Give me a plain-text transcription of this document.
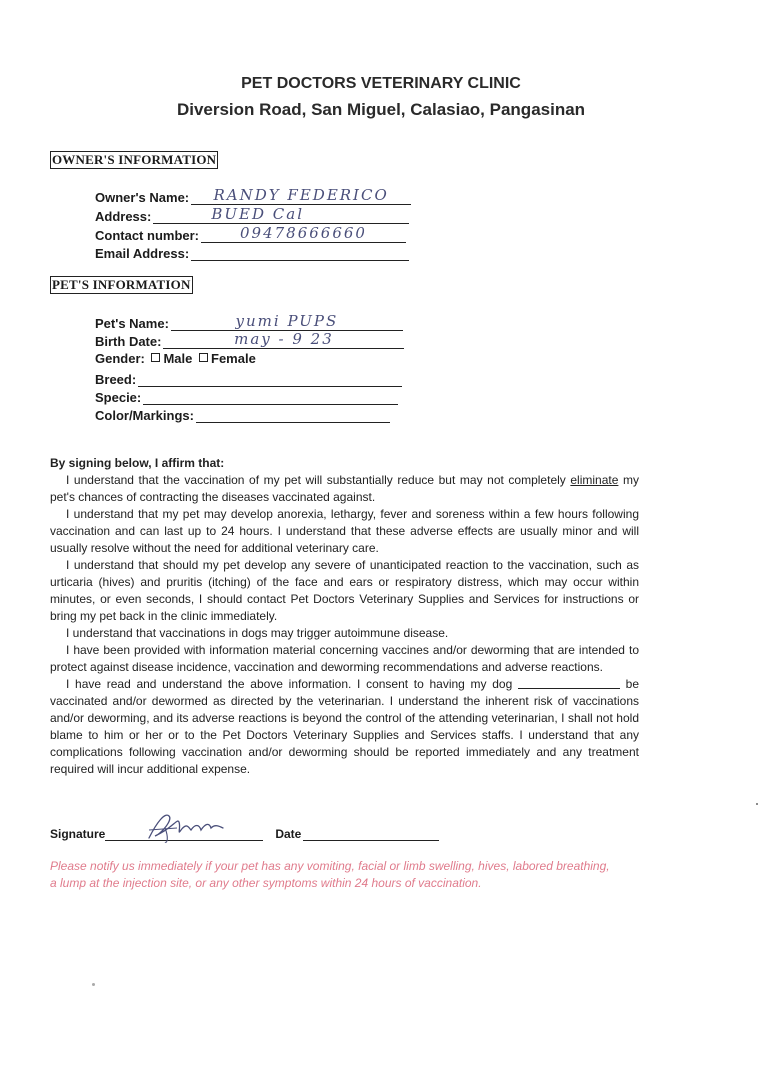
PET DOCTORS VETERINARY CLINIC
Diversion Road, San Miguel, Calasiao, Pangasinan
OWNER'S INFORMATION
Owner's Name:	RANDY FEDERICO
Address:	BUED Cal
Contact number:	09478666660
Email Address:
PET'S INFORMATION
Pet's Name:	yumi PUPS
Birth Date:	may - 9 23
Gender: Male Female
Breed:
Specie:
Color/Markings:
By signing below, I affirm that:

I understand that the vaccination of my pet will substantially reduce but may not completely eliminate my pet's chances of contracting the diseases vaccinated against.

I understand that my pet may develop anorexia, lethargy, fever and soreness within a few hours following vaccination and can last up to 24 hours. I understand that these adverse effects are usually minor and will usually resolve without the need for additional veterinary care.

I understand that should my pet develop any severe of unanticipated reaction to the vaccination, such as urticaria (hives) and pruritis (itching) of the face and ears or respiratory distress, which may occur within minutes, or even seconds, I should contact Pet Doctors Veterinary Supplies and Services for instructions or bring my pet back in the clinic immediately.

I understand that vaccinations in dogs may trigger autoimmune disease.

I have been provided with information material concerning vaccines and/or deworming that are intended to protect against disease incidence, vaccination and deworming recommendations and adverse reactions.

I have read and understand the above information. I consent to having my dog	be vaccinated and/or dewormed as directed by the veterinarian. I understand the inherent risk of vaccinations and/or deworming, and its adverse reactions is beyond the control of the attending veterinarian, I shall not hold blame to him or her or to the Pet Doctors Veterinary Supplies and Services staffs. I understand that any complications following vaccination and/or deworming should be reported immediately and any treatment required will incur additional expense.

Signature	Date
Please notify us immediately if your pet has any vomiting, facial or limb swelling, hives, labored breathing, a lump at the injection site, or any other symptoms within 24 hours of vaccination.
